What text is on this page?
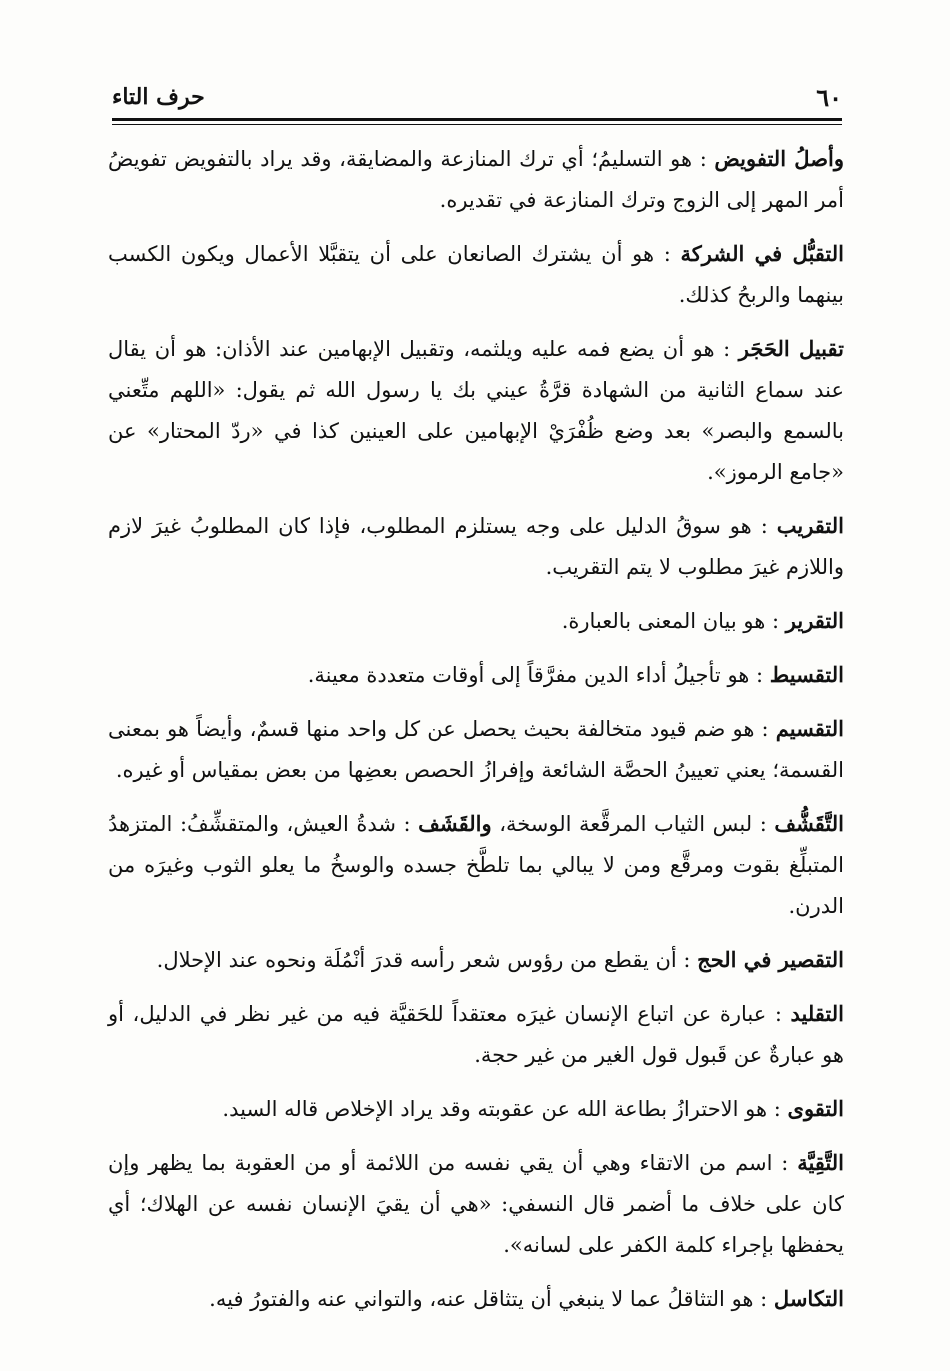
حرف التاء	٦٠

وأصلُ التفويض : هو التسليمُ؛ أي ترك المنازعة والمضايقة، وقد يراد بالتفويض تفويضُ أمر المهر إلى الزوج وترك المنازعة في تقديره.

التقبُّل في الشركة : هو أن يشترك الصانعان على أن يتقبَّلا الأعمال ويكون الكسب بينهما والربحُ كذلك.

تقبيل الحَجَر : هو أن يضع فمه عليه ويلثمه، وتقبيل الإبهامين عند الأذان: هو أن يقال عند سماع الثانية من الشهادة قرَّةُ عيني بك يا رسول الله ثم يقول: «اللهم متِّعني بالسمع والبصر» بعد وضع ظُفْرَيْ الإبهامين على العينين كذا في «ردّ المحتار» عن «جامع الرموز».

التقريب : هو سوقُ الدليل على وجه يستلزم المطلوب، فإذا كان المطلوبُ غيرَ لازم واللازم غيرَ مطلوب لا يتم التقريب.

التقرير : هو بيان المعنى بالعبارة.

التقسيط : هو تأجيلُ أداء الدين مفرَّقاً إلى أوقات متعددة معينة.

التقسيم : هو ضم قيود متخالفة بحيث يحصل عن كل واحد منها قسمٌ، وأيضاً هو بمعنى القسمة؛ يعني تعيينُ الحصَّة الشائعة وإفرازُ الحصص بعضِها من بعض بمقياس أو غيره.

التَّقَشُّف : لبس الثياب المرقَّعة الوسخة، والقَشَف : شدةُ العيش، والمتقشِّفُ: المتزهدُ المتبلِّغ بقوت ومرقَّع ومن لا يبالي بما تلطَّخ جسده والوسخُ ما يعلو الثوب وغيرَه من الدرن.

التقصير في الحج : أن يقطع من رؤوس شعر رأسه قدرَ أنْمُلَة ونحوه عند الإحلال.

التقليد : عبارة عن اتباع الإنسان غيرَه معتقداً للحَقيَّة فيه من غير نظر في الدليل، أو هو عبارةٌ عن قَبول قول الغير من غير حجة.

التقوى : هو الاحترازُ بطاعة الله عن عقوبته وقد يراد الإخلاص قاله السيد.

التَّقِيَّة : اسم من الاتقاء وهي أن يقي نفسه من اللائمة أو من العقوبة بما يظهر وإن كان على خلاف ما أضمر قال النسفي: «هي أن يقيَ الإنسان نفسه عن الهلاك؛ أي يحفظها بإجراء كلمة الكفر على لسانه».

التكاسل : هو التثاقلُ عما لا ينبغي أن يتثاقل عنه، والتواني عنه والفتورُ فيه.
